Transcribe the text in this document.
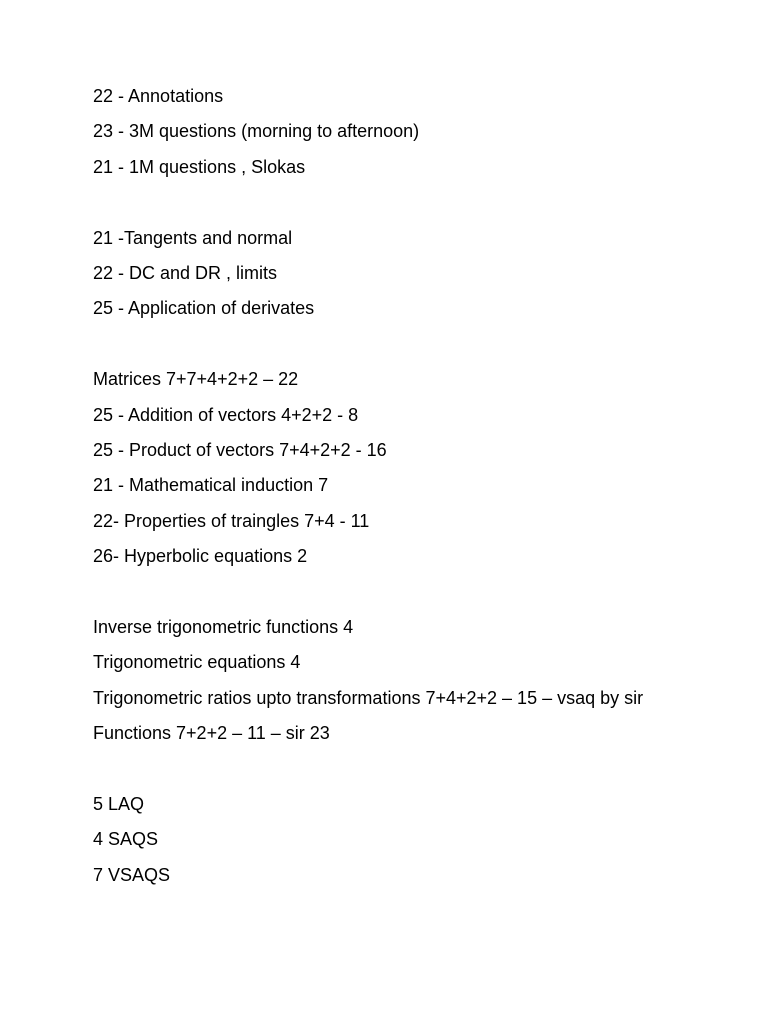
22 - Annotations
23 - 3M questions (morning to afternoon)
21 - 1M questions , Slokas
21 -Tangents and normal
22 - DC and DR , limits
25 - Application of derivates
Matrices 7+7+4+2+2 – 22
25 - Addition of vectors 4+2+2 - 8
25 - Product of vectors 7+4+2+2 - 16
21 - Mathematical induction 7
22- Properties of traingles 7+4 - 11
26- Hyperbolic equations 2
Inverse trigonometric functions 4
Trigonometric equations 4
Trigonometric ratios upto transformations 7+4+2+2 – 15 – vsaq by sir
Functions 7+2+2 – 11 – sir 23
5 LAQ
4 SAQS
7 VSAQS
